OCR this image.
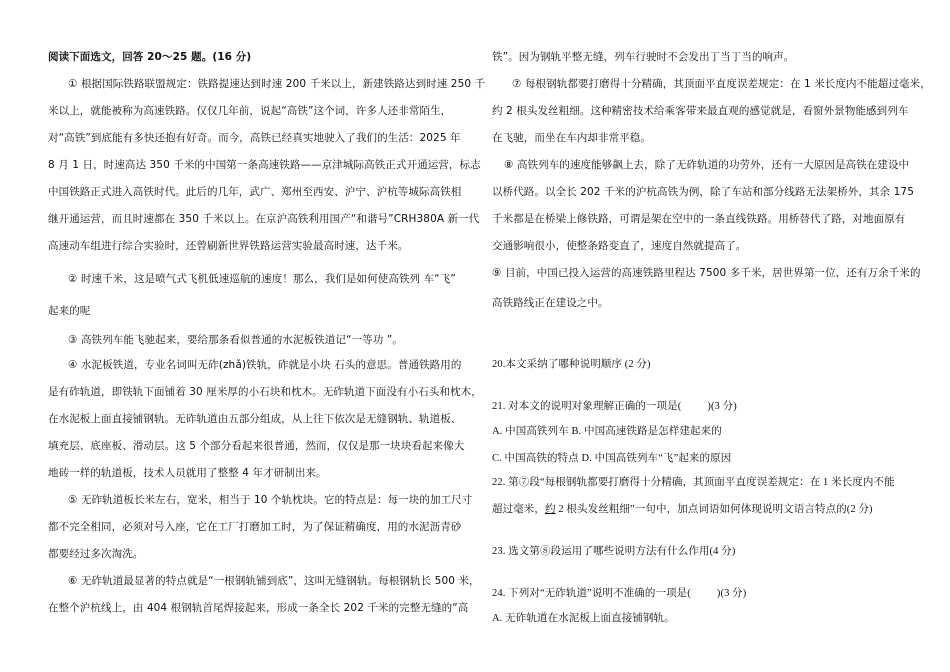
阅读下面选文，回答 20～25 题。(16 分)
① 根据国际铁路联盟规定：铁路提速达到时速 200 千米以上，新建铁路达到时速 250 千
米以上，就能被称为高速铁路。仅仅几年前，说起“高铁”这个词，许多人还非常陌生，
对“高铁”到底能有多快还抱有好奇。而今，高铁已经真实地驶入了我们的生活：2025 年
8 月 1 日，时速高达 350 千米的中国第一条高速铁路——京津城际高铁正式开通运营，标志
中国铁路正式进入高铁时代。此后的几年，武广、郑州至西安、沪宁、沪杭等城际高铁相
继开通运营，而且时速都在 350 千米以上。在京沪高铁利用国产“和谐号”CRH380A 新一代
高速动车组进行综合实验时，还曾刷新世界铁路运营实验最高时速，达千米。
② 时速千米，这是喷气式飞机低速巡航的速度！那么，我们是如何使高铁列 车“飞”
起来的呢
③ 高铁列车能飞驰起来，要给那条看似普通的水泥板铁道记“一等功 ”。
④ 水泥板铁道，专业名词叫无砟(zhǎ)铁轨，砟就是小块 石头的意思。普通铁路用的
是有砟轨道，即铁轨下面铺着 30 厘米厚的小石块和枕木。无砟轨道下面没有小石头和枕木，
在水泥板上面直接铺钢轨。无砟轨道由五部分组成，从上往下依次是无缝钢轨、轨道板、
填充层、底座板、滑动层。这 5 个部分看起来很普通，然而，仅仅是那一块块看起来像大
地砖一样的轨道板，技术人员就用了整整 4 年才研制出来。
⑤ 无砟轨道板长米左右，宽米，相当于 10 个轨枕块。它的特点是：每一块的加工尺寸
都不完全相同，必须对号入座，它在工厂打磨加工时，为了保证精确度，用的水泥沥青砂
都要经过多次淘洗。
⑥ 无砟轨道最显著的特点就是“一根钢轨铺到底”，这叫无缝钢轨。每根钢轨长 500 米，
在整个沪杭线上，由 404 根钢轨首尾焊接起来，形成一条全长 202 千米的完整无缝的“高
铁”。因为钢轨平整无缝，列车行驶时不会发出丁当丁当的响声。
⑦ 每根钢轨都要打磨得十分精确，其顶面平直度误差规定：在 1 米长度内不能超过毫米，
约 2 根头发丝粗细。这种精密技术给乘客带来最直观的感觉就是，看窗外景物能感到列车
在飞驰，而坐在车内却非常平稳。
⑧ 高铁列车的速度能够飙上去，除了无砟轨道的功劳外，还有一大原因是高铁在建设中
以桥代路。以全长 202 千米的沪杭高铁为例，除了车站和部分线路无法架桥外，其余 175
千米都是在桥梁上修铁路，可谓是架在空中的一条直线铁路。用桥替代了路，对地面原有
交通影响很小，使整条路变直了，速度自然就提高了。
⑨ 目前，中国已投入运营的高速铁路里程达 7500 多千米，居世界第一位，还有万余千米的
高铁路线正在建设之中。
20.本文采纳了哪种说明顺序 (2 分)
21. 对本文的说明对象理解正确的一项是( )(3 分)
A. 中国高铁列车 B. 中国高速铁路是怎样建起来的
C. 中国高铁的特点 D. 中国高铁列车“飞”起来的原因
22. 第⑦段“每根钢轨都要打磨得十分精确，其顶面平直度误差规定：在 1 米长度内不能
超过毫米，约 2 根头发丝粗细”一句中，加点词语如何体现说明文语言特点的(2 分)
23. 选文第⑧段运用了哪些说明方法有什么作用(4 分)
24. 下列对“无砟轨道”说明不准确的一项是( )(3 分)
A. 无砟轨道在水泥板上面直接铺钢轨。
